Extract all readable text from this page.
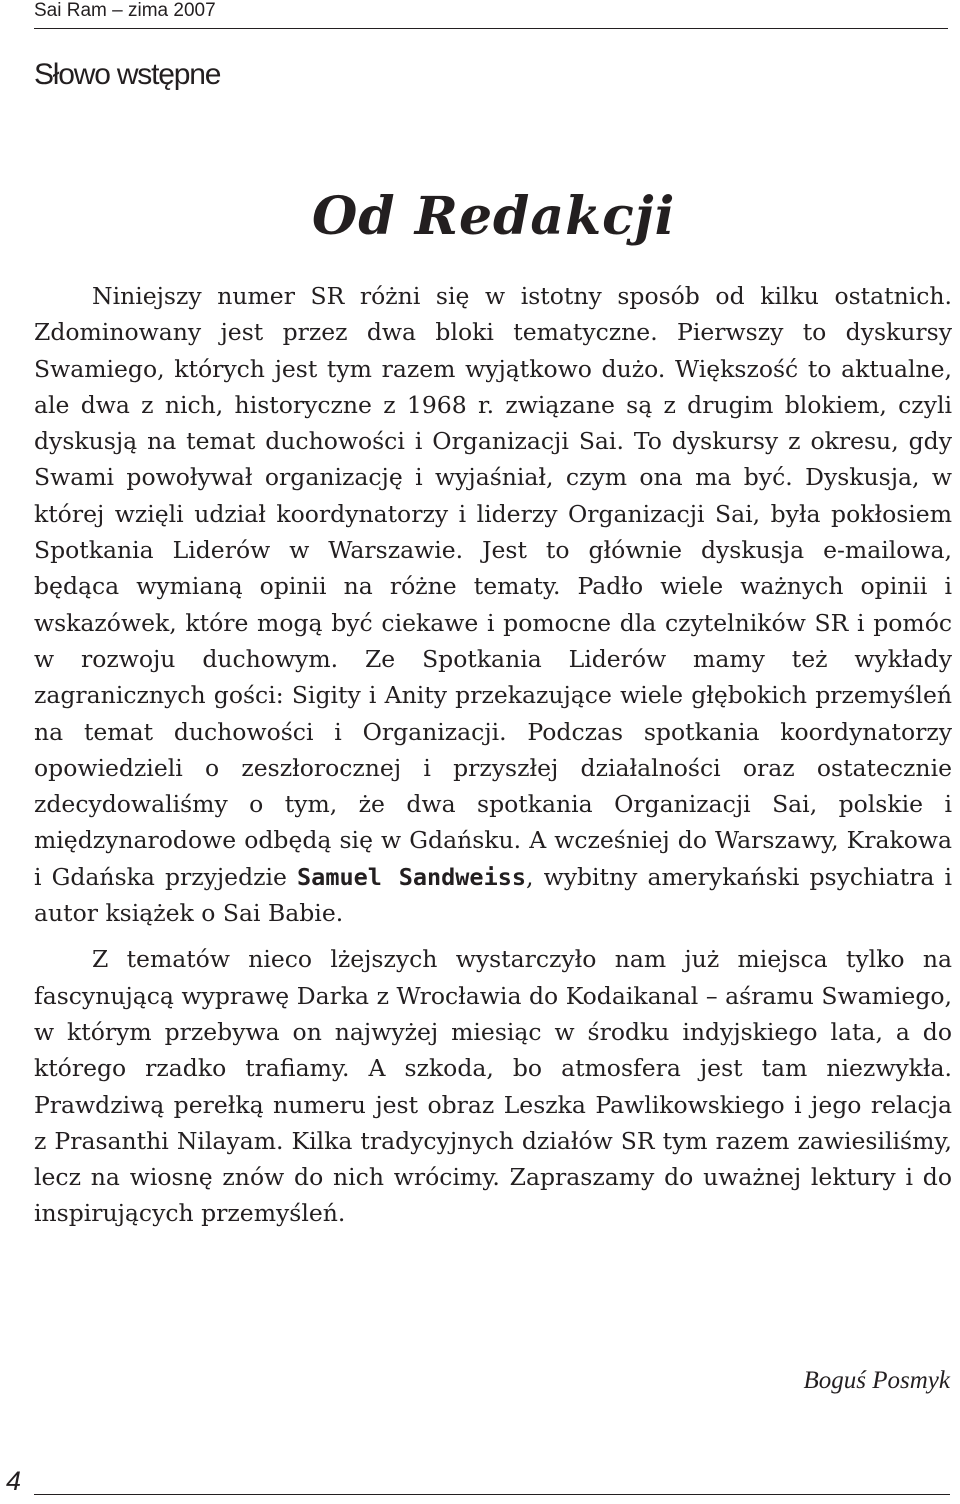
Sai Ram – zima 2007
Słowo wstępne
Od Redakcji

Niniejszy numer SR różni się w istotny sposób od kilku ostatnich. Zdominowany jest przez dwa bloki tematyczne. Pierwszy to dyskursy Swamiego, których jest tym razem wyjątkowo dużo. Większość to aktualne, ale dwa z nich, historyczne z 1968 r. związane są z drugim blokiem, czyli dyskusją na temat duchowości i Organizacji Sai. To dyskursy z okresu, gdy Swami powoływał organizację i wyjaśniał, czym ona ma być. Dyskusja, w której wzięli udział koordynatorzy i liderzy Organizacji Sai, była pokłosiem Spotkania Liderów w Warszawie. Jest to głównie dyskusja e-mailowa, będąca wymianą opinii na różne tematy. Padło wiele ważnych opinii i wskazówek, które mogą być ciekawe i pomocne dla czytelników SR i pomóc w rozwoju duchowym. Ze Spotkania Liderów mamy też wykłady zagranicznych gości: Sigity i Anity przekazujące wiele głębokich przemyśleń na temat duchowości i Organizacji. Podczas spotkania koordynatorzy opowiedzieli o zeszłorocznej i przyszłej działalności oraz ostatecznie zdecydowaliśmy o tym, że dwa spotkania Organizacji Sai, polskie i międzynarodowe odbędą się w Gdańsku. A wcześniej do Warszawy, Krakowa i Gdańska przyjedzie Samuel Sandweiss, wybitny amerykański psychiatra i autor książek o Sai Babie.

Z tematów nieco lżejszych wystarczyło nam już miejsca tylko na fascynującą wyprawę Darka z Wrocławia do Kodaikanal – aśramu Swamiego, w którym przebywa on najwyżej miesiąc w środku indyjskiego lata, a do którego rzadko trafiamy. A szkoda, bo atmosfera jest tam niezwykła. Prawdziwą perełką numeru jest obraz Leszka Pawlikowskiego i jego relacja z Prasanthi Nilayam. Kilka tradycyjnych działów SR tym razem zawiesiliśmy, lecz na wiosnę znów do nich wrócimy. Zapraszamy do uważnej lektury i do inspirujących przemyśleń.

Boguś Posmyk
4
